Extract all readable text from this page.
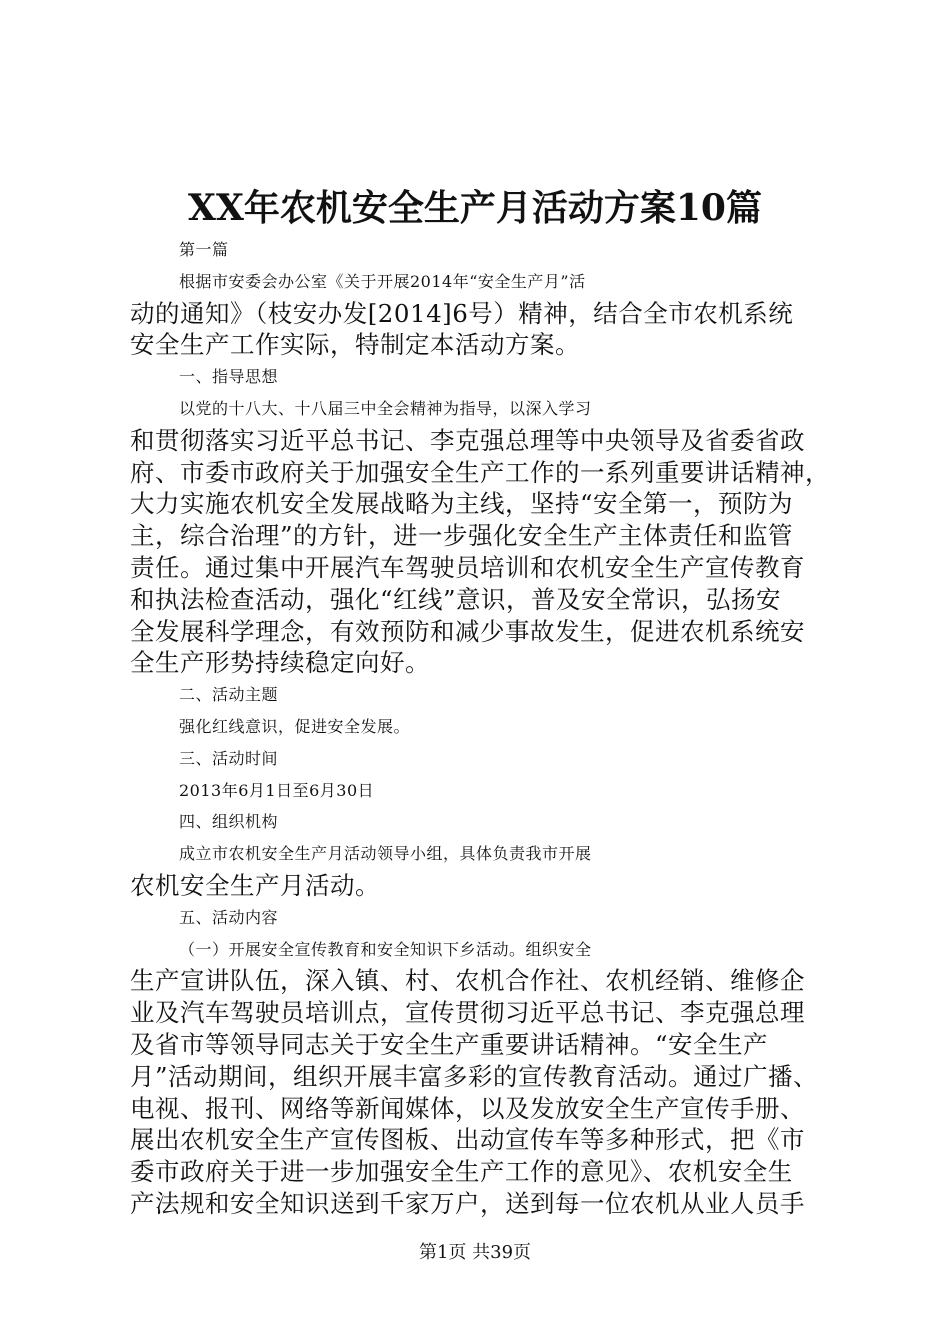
XX年农机安全生产月活动方案10篇
第一篇
根据市安委会办公室《关于开展2014年“安全生产月”活
动的通知》（枝安办发[2014]6号）精神，结合全市农机系统
安全生产工作实际，特制定本活动方案。
一、指导思想
以党的十八大、十八届三中全会精神为指导，以深入学习
和贯彻落实习近平总书记、李克强总理等中央领导及省委省政
府、市委市政府关于加强安全生产工作的一系列重要讲话精神，
大力实施农机安全发展战略为主线，坚持“安全第一，预防为
主，综合治理”的方针，进一步强化安全生产主体责任和监管
责任。通过集中开展汽车驾驶员培训和农机安全生产宣传教育
和执法检查活动，强化“红线”意识，普及安全常识，弘扬安
全发展科学理念，有效预防和减少事故发生，促进农机系统安
全生产形势持续稳定向好。
二、活动主题
强化红线意识，促进安全发展。
三、活动时间
2013年6月1日至6月30日
四、组织机构
成立市农机安全生产月活动领导小组，具体负责我市开展
农机安全生产月活动。
五、活动内容
（一）开展安全宣传教育和安全知识下乡活动。组织安全
生产宣讲队伍，深入镇、村、农机合作社、农机经销、维修企
业及汽车驾驶员培训点，宣传贯彻习近平总书记、李克强总理
及省市等领导同志关于安全生产重要讲话精神。“安全生产
月”活动期间，组织开展丰富多彩的宣传教育活动。通过广播、
电视、报刊、网络等新闻媒体，以及发放安全生产宣传手册、
展出农机安全生产宣传图板、出动宣传车等多种形式，把《市
委市政府关于进一步加强安全生产工作的意见》、农机安全生
产法规和安全知识送到千家万户，送到每一位农机从业人员手
第1页 共39页
